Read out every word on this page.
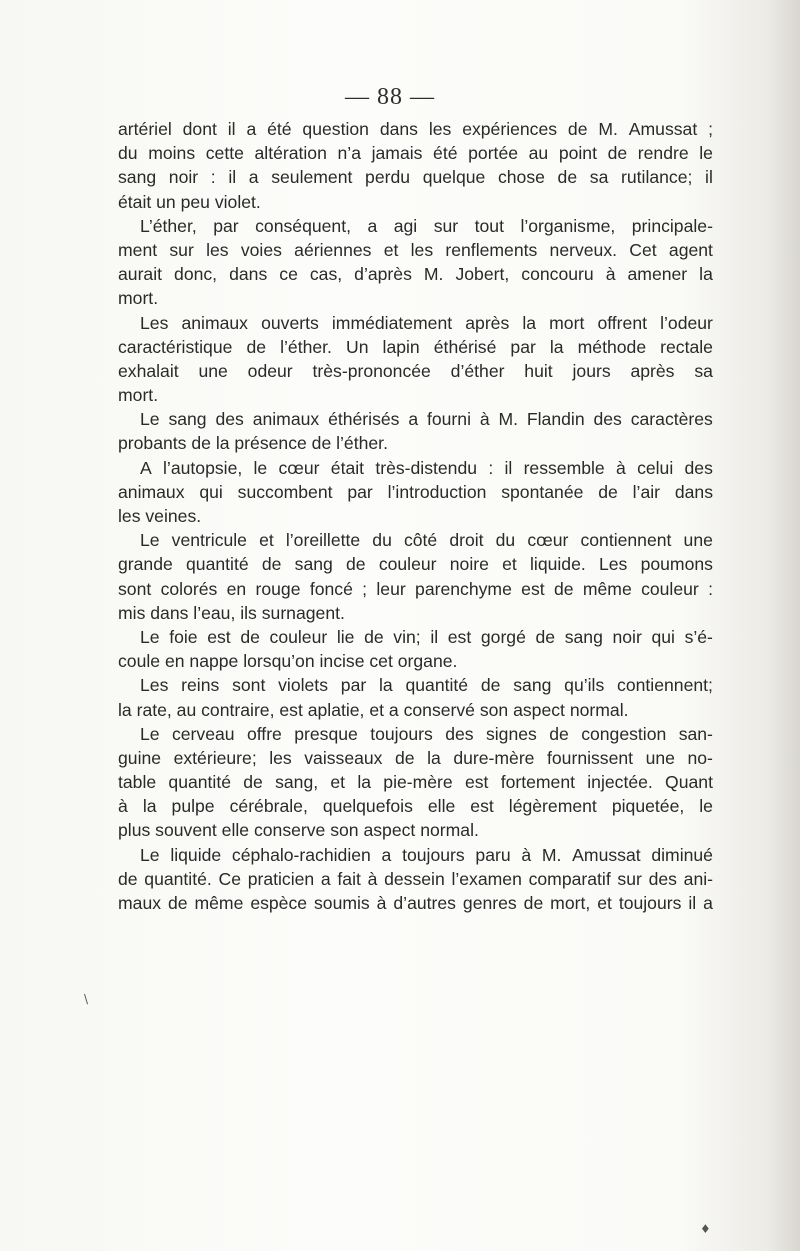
— 88 —
artériel dont il a été question dans les expériences de M. Amussat ;
du moins cette altération n’a jamais été portée au point de rendre le
sang noir : il a seulement perdu quelque chose de sa rutilance; il
était un peu violet.
L’éther, par conséquent, a agi sur tout l’organisme, principale-
ment sur les voies aériennes et les renflements nerveux. Cet agent
aurait donc, dans ce cas, d’après M. Jobert, concouru à amener la
mort.
Les animaux ouverts immédiatement après la mort offrent l’odeur
caractéristique de l’éther. Un lapin éthérisé par la méthode rectale
exhalait une odeur très-prononcée d’éther huit jours après sa
mort.
Le sang des animaux éthérisés a fourni à M. Flandin des caractères
probants de la présence de l’éther.
A l’autopsie, le cœur était très-distendu : il ressemble à celui des
animaux qui succombent par l’introduction spontanée de l’air dans
les veines.
Le ventricule et l’oreillette du côté droit du cœur contiennent une
grande quantité de sang de couleur noire et liquide. Les poumons
sont colorés en rouge foncé ; leur parenchyme est de même couleur :
mis dans l’eau, ils surnagent.
Le foie est de couleur lie de vin; il est gorgé de sang noir qui s’é-
coule en nappe lorsqu’on incise cet organe.
Les reins sont violets par la quantité de sang qu’ils contiennent;
la rate, au contraire, est aplatie, et a conservé son aspect normal.
Le cerveau offre presque toujours des signes de congestion san-
guine extérieure; les vaisseaux de la dure-mère fournissent une no-
table quantité de sang, et la pie-mère est fortement injectée. Quant
à la pulpe cérébrale, quelquefois elle est légèrement piquetée, le
plus souvent elle conserve son aspect normal.
Le liquide céphalo-rachidien a toujours paru à M. Amussat diminué
de quantité. Ce praticien a fait à dessein l’examen comparatif sur des ani-
maux de même espèce soumis à d’autres genres de mort, et toujours il a
\
♦
